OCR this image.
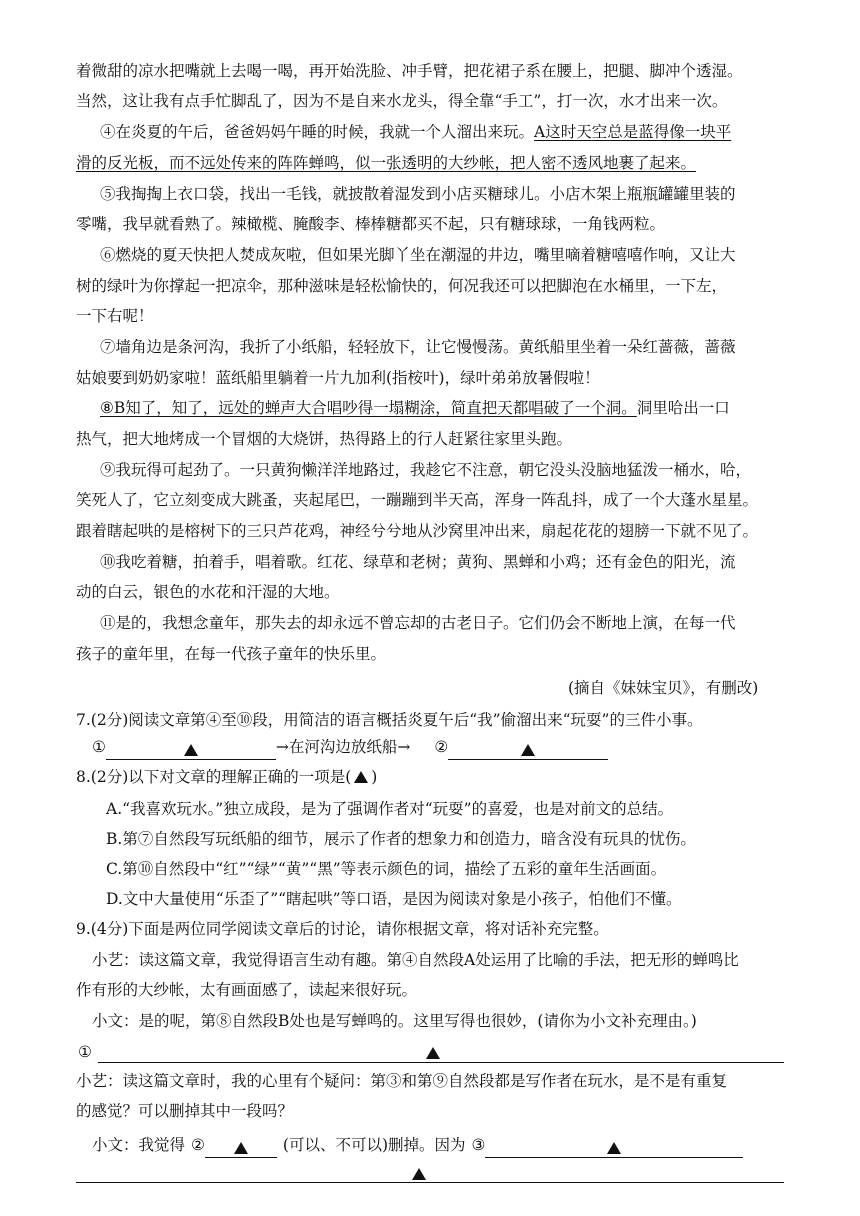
着微甜的凉水把嘴就上去喝一喝，再开始洗脸、冲手臂，把花裙子系在腰上，把腿、脚冲个透湿。
当然，这让我有点手忙脚乱了，因为不是自来水龙头，得全靠“手工”，打一次，水才出来一次。
④在炎夏的午后，爸爸妈妈午睡的时候，我就一个人溜出来玩。A这时天空总是蓝得像一块平
滑的反光板，而不远处传来的阵阵蝉鸣，似一张透明的大纱帐，把人密不透风地裹了起来。
⑤我掏掏上衣口袋，找出一毛钱，就披散着湿发到小店买糖球儿。小店木架上瓶瓶罐罐里装的
零嘴，我早就看熟了。辣橄榄、腌酸李、棒棒糖都买不起，只有糖球球，一角钱两粒。
⑥燃烧的夏天快把人焚成灰啦，但如果光脚丫坐在潮湿的井边，嘴里嘀着糖嘻嘻作响，又让大
树的绿叶为你撑起一把凉伞，那种滋味是轻松愉快的，何况我还可以把脚泡在水桶里，一下左，
一下右呢！
⑦墙角边是条河沟，我折了小纸船，轻轻放下，让它慢慢荡。黄纸船里坐着一朵红蔷薇，蔷薇
姑娘要到奶奶家啦！蓝纸船里躺着一片九加利(指桉叶)，绿叶弟弟放暑假啦！
⑧B知了，知了，远处的蝉声大合唱吵得一塌糊涂，简直把天都唱破了一个洞。洞里哈出一口
热气，把大地烤成一个冒烟的大烧饼，热得路上的行人赶紧往家里头跑。
⑨我玩得可起劲了。一只黄狗懒洋洋地路过，我趁它不注意，朝它没头没脑地猛泼一桶水，哈，
笑死人了，它立刻变成大跳蚤，夹起尾巴，一蹦蹦到半天高，浑身一阵乱抖，成了一个大蓬水星星。
跟着瞎起哄的是榕树下的三只芦花鸡，神经兮兮地从沙窝里冲出来，扇起花花的翅膀一下就不见了。
⑩我吃着糖，拍着手，唱着歌。红花、绿草和老树；黄狗、黑蝉和小鸡；还有金色的阳光，流
动的白云，银色的水花和汗湿的大地。
⑪是的，我想念童年，那失去的却永远不曾忘却的古老日子。它们仍会不断地上演，在每一代
孩子的童年里，在每一代孩子童年的快乐里。
(摘自《妹妹宝贝》，有删改)
7.(2分)阅读文章第④至⑩段，用简洁的语言概括炎夏午后“我”偷溜出来“玩耍”的三件小事。
①	→在河沟边放纸船→ ②
8.(2分)以下对文章的理解正确的一项是( )
A.“我喜欢玩水。”独立成段，是为了强调作者对“玩耍”的喜爱，也是对前文的总结。
B.第⑦自然段写玩纸船的细节，展示了作者的想象力和创造力，暗含没有玩具的忧伤。
C.第⑩自然段中“红”“绿”“黄”“黑”等表示颜色的词，描绘了五彩的童年生活画面。
D.文中大量使用“乐歪了”“瞎起哄”等口语，是因为阅读对象是小孩子，怕他们不懂。
9.(4分)下面是两位同学阅读文章后的讨论，请你根据文章，将对话补充完整。
小艺：读这篇文章，我觉得语言生动有趣。第④自然段A处运用了比喻的手法，把无形的蝉鸣比
作有形的大纱帐，太有画面感了，读起来很好玩。
小文：是的呢，第⑧自然段B处也是写蝉鸣的。这里写得也很妙，(请你为小文补充理由。)
①
小艺：读这篇文章时，我的心里有个疑问：第③和第⑨自然段都是写作者在玩水，是不是有重复
的感觉？可以删掉其中一段吗？
小文：我觉得 ②	(可以、不可以)删掉。因为 ③
